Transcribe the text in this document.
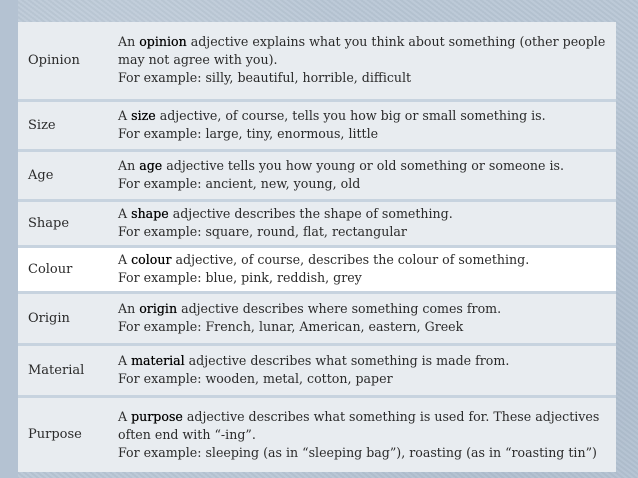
Opinion	An opinion adjective explains what you think about something (other people may not agree with you).
For example: silly, beautiful, horrible, difficult

Size	A size adjective, of course, tells you how big or small something is.
For example: large, tiny, enormous, little

Age	An age adjective tells you how young or old something or someone is.
For example: ancient, new, young, old

Shape	A shape adjective describes the shape of something.
For example: square, round, flat, rectangular

Colour	A colour adjective, of course, describes the colour of something.
For example: blue, pink, reddish, grey

Origin	An origin adjective describes where something comes from.
For example: French, lunar, American, eastern, Greek

Material	A material adjective describes what something is made from.
For example: wooden, metal, cotton, paper

Purpose	A purpose adjective describes what something is used for. These adjectives often end with “-ing”.
For example: sleeping (as in “sleeping bag”), roasting (as in “roasting tin”)
